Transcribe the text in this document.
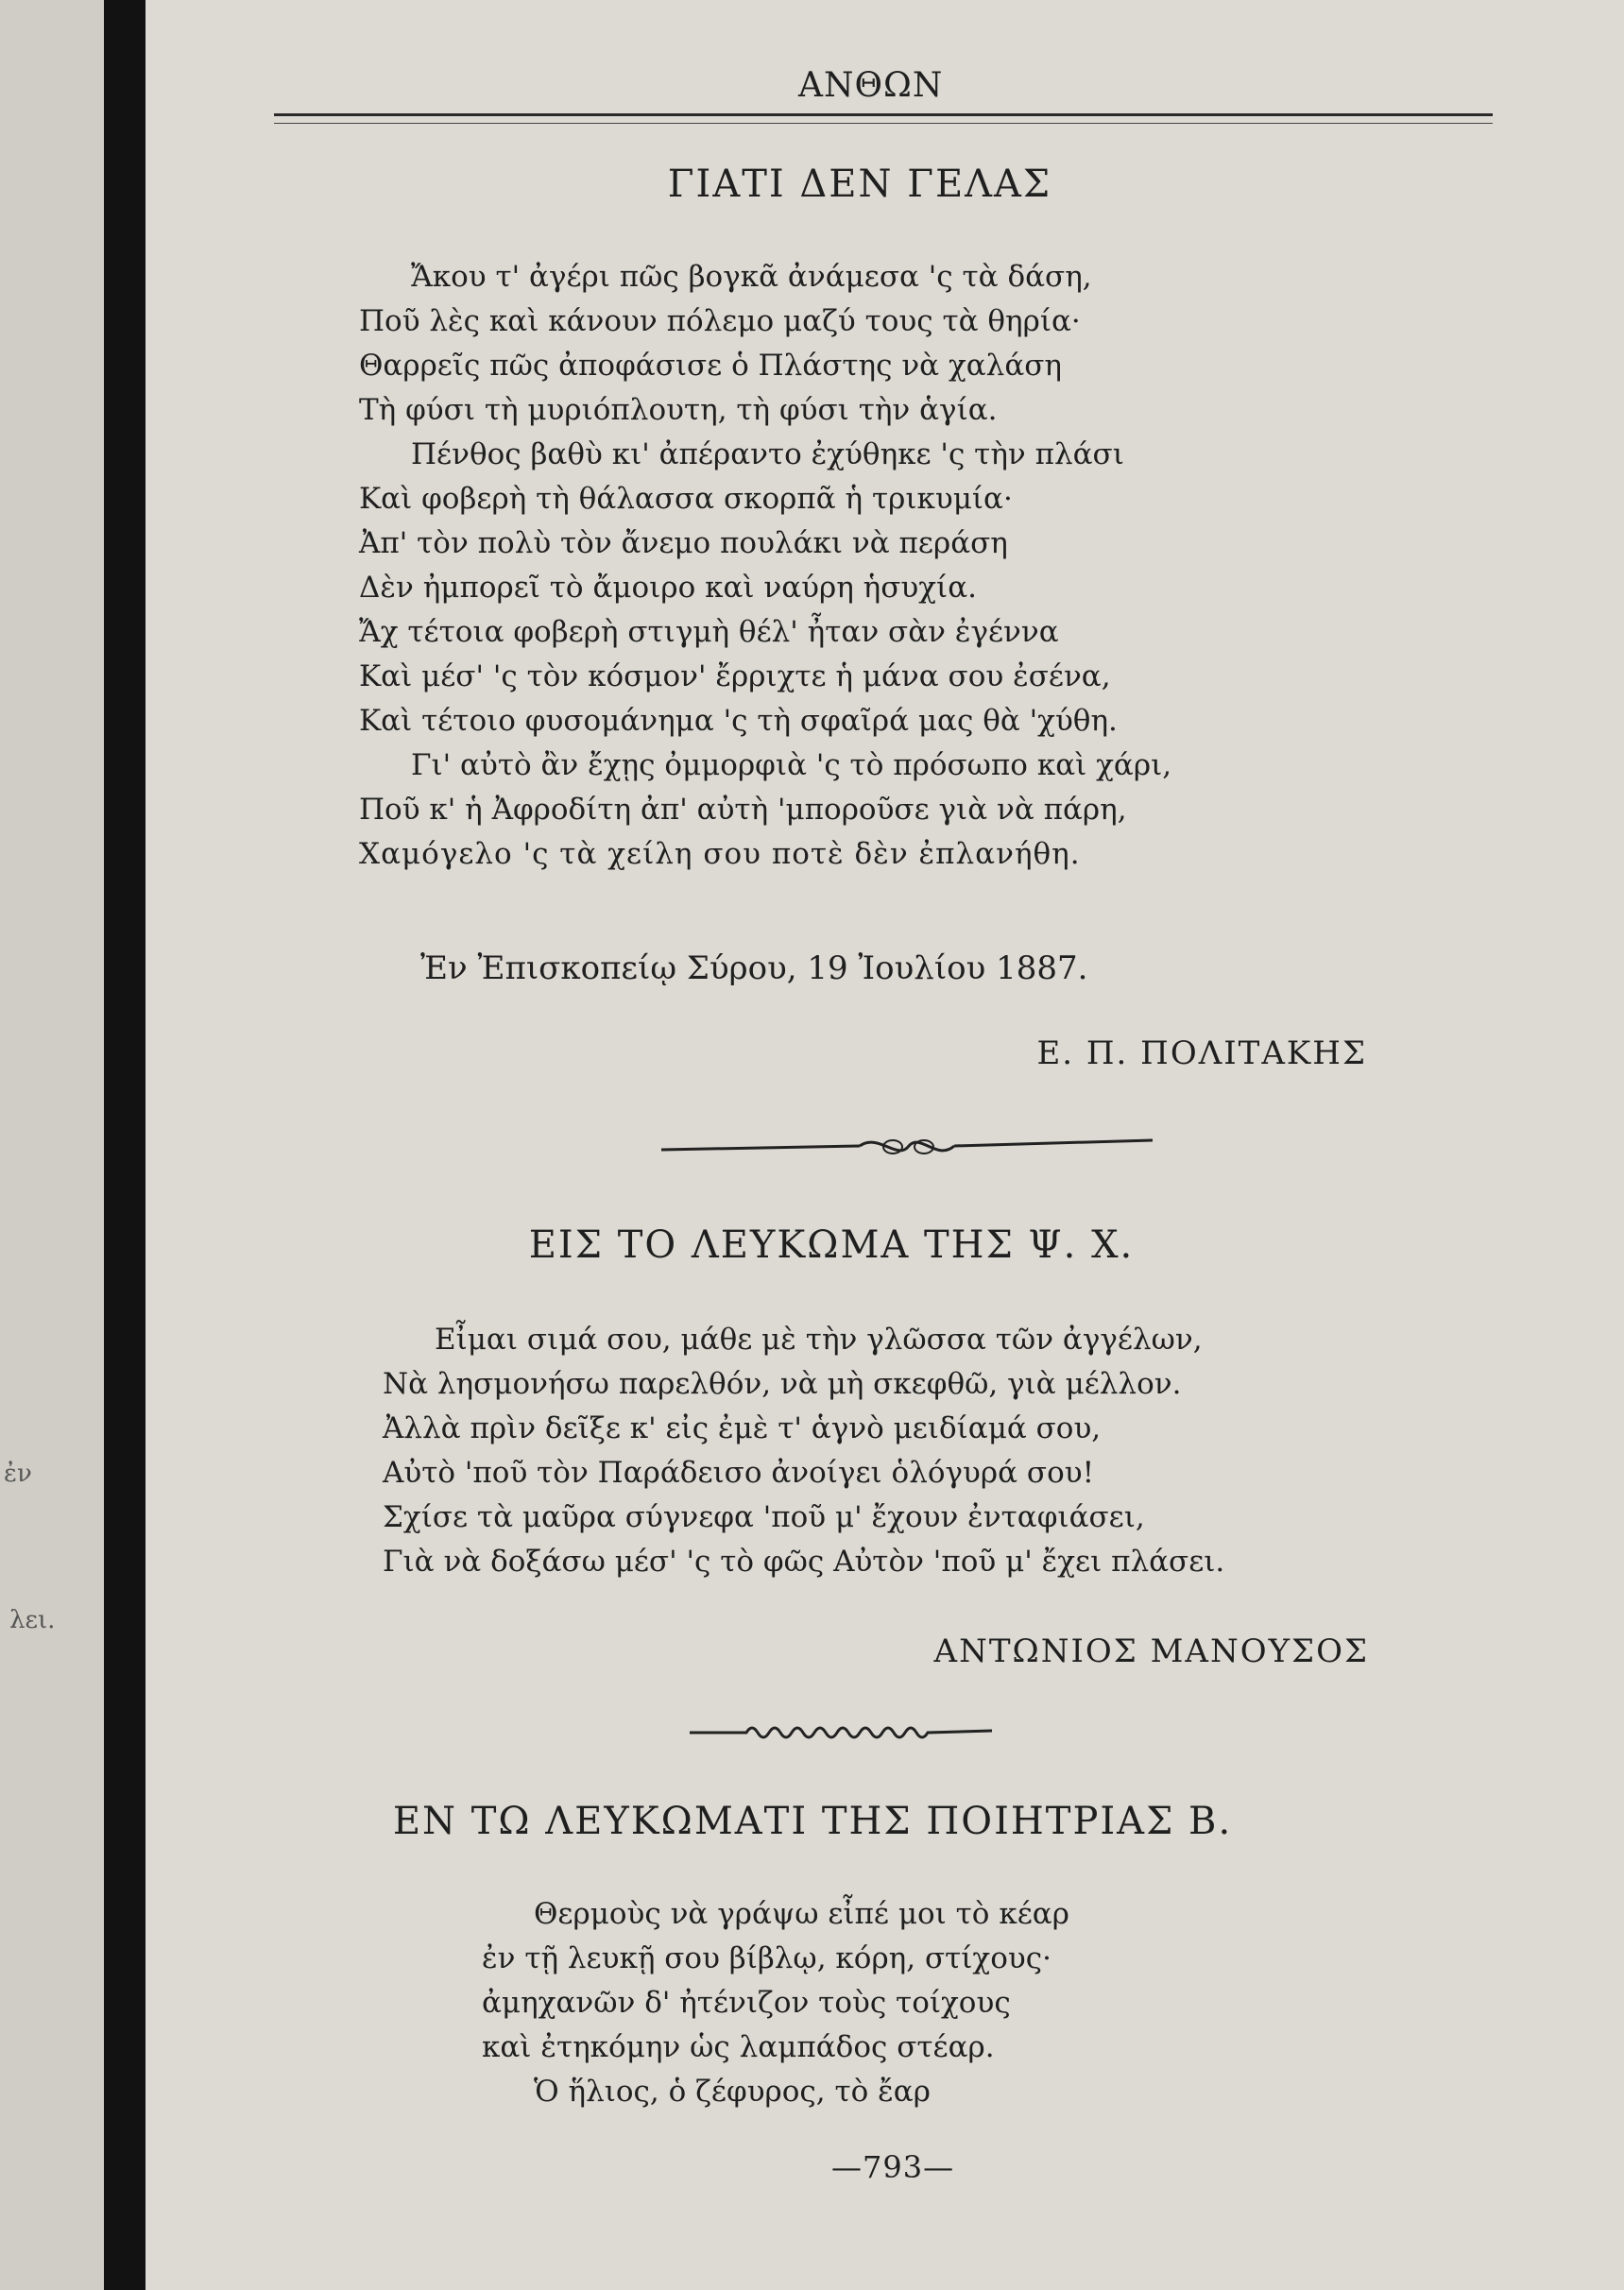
λει.
ἐν
ΑΝΘΩΝ
ΓΙΑΤΙ ΔΕΝ ΓΕΛΑΣ
Ἄκου τ' ἀγέρι πῶς βογκᾶ ἀνάμεσα 'ς τὰ δάση,
Ποῦ λὲς καὶ κάνουν πόλεμο μαζύ τους τὰ θηρία·
Θαρρεῖς πῶς ἀποφάσισε ὁ Πλάστης νὰ χαλάση
Τὴ φύσι τὴ μυριόπλουτη, τὴ φύσι τὴν ἁγία.
Πένθος βαθὺ κι' ἀπέραντο ἐχύθηκε 'ς τὴν πλάσι
Καὶ φοβερὴ τὴ θάλασσα σκορπᾶ ἡ τρικυμία·
Ἀπ' τὸν πολὺ τὸν ἄνεμο πουλάκι νὰ περάση
Δὲν ἠμπορεῖ τὸ ἄμοιρο καὶ ναύρη ἡσυχία.
Ἄχ τέτοια φοβερὴ στιγμὴ θέλ' ἦταν σὰν ἐγέννα
Καὶ μέσ' 'ς τὸν κόσμον' ἔρριχτε ἡ μάνα σου ἐσένα,
Καὶ τέτοιο φυσομάνημα 'ς τὴ σφαῖρά μας θὰ 'χύθη.
Γι' αὐτὸ ἂν ἔχῃς ὀμμορφιὰ 'ς τὸ πρόσωπο καὶ χάρι,
Ποῦ κ' ἡ Ἀφροδίτη ἀπ' αὐτὴ 'μποροῦσε γιὰ νὰ πάρη,
Χαμόγελο 'ς τὰ χείλη σου ποτὲ δὲν ἐπλανήθη.
Ἐν Ἐπισκοπείῳ Σύρου, 19 Ἰουλίου 1887.
Ε. Π. ΠΟΛΙΤΑΚΗΣ
ΕΙΣ ΤΟ ΛΕΥΚΩΜΑ ΤΗΣ Ψ. Χ.
Εἶμαι σιμά σου, μάθε μὲ τὴν γλῶσσα τῶν ἀγγέλων,
Νὰ λησμονήσω παρελθόν, νὰ μὴ σκεφθῶ, γιὰ μέλλον.
Ἀλλὰ πρὶν δεῖξε κ' εἰς ἐμὲ τ' ἁγνὸ μειδίαμά σου,
Αὐτὸ 'ποῦ τὸν Παράδεισο ἀνοίγει ὁλόγυρά σου!
Σχίσε τὰ μαῦρα σύγνεφα 'ποῦ μ' ἔχουν ἐνταφιάσει,
Γιὰ νὰ δοξάσω μέσ' 'ς τὸ φῶς Αὐτὸν 'ποῦ μ' ἔχει πλάσει.
ΑΝΤΩΝΙΟΣ ΜΑΝΟΥΣΟΣ
ΕΝ ΤΩ ΛΕΥΚΩΜΑΤΙ ΤΗΣ ΠΟΙΗΤΡΙΑΣ Β.
Θερμοὺς νὰ γράψω εἶπέ μοι τὸ κέαρ
ἐν τῇ λευκῇ σου βίβλῳ, κόρη, στίχους·
ἀμηχανῶν δ' ἠτένιζον τοὺς τοίχους
καὶ ἐτηκόμην ὡς λαμπάδος στέαρ.
Ὁ ἥλιος, ὁ ζέφυρος, τὸ ἔαρ
—793—
